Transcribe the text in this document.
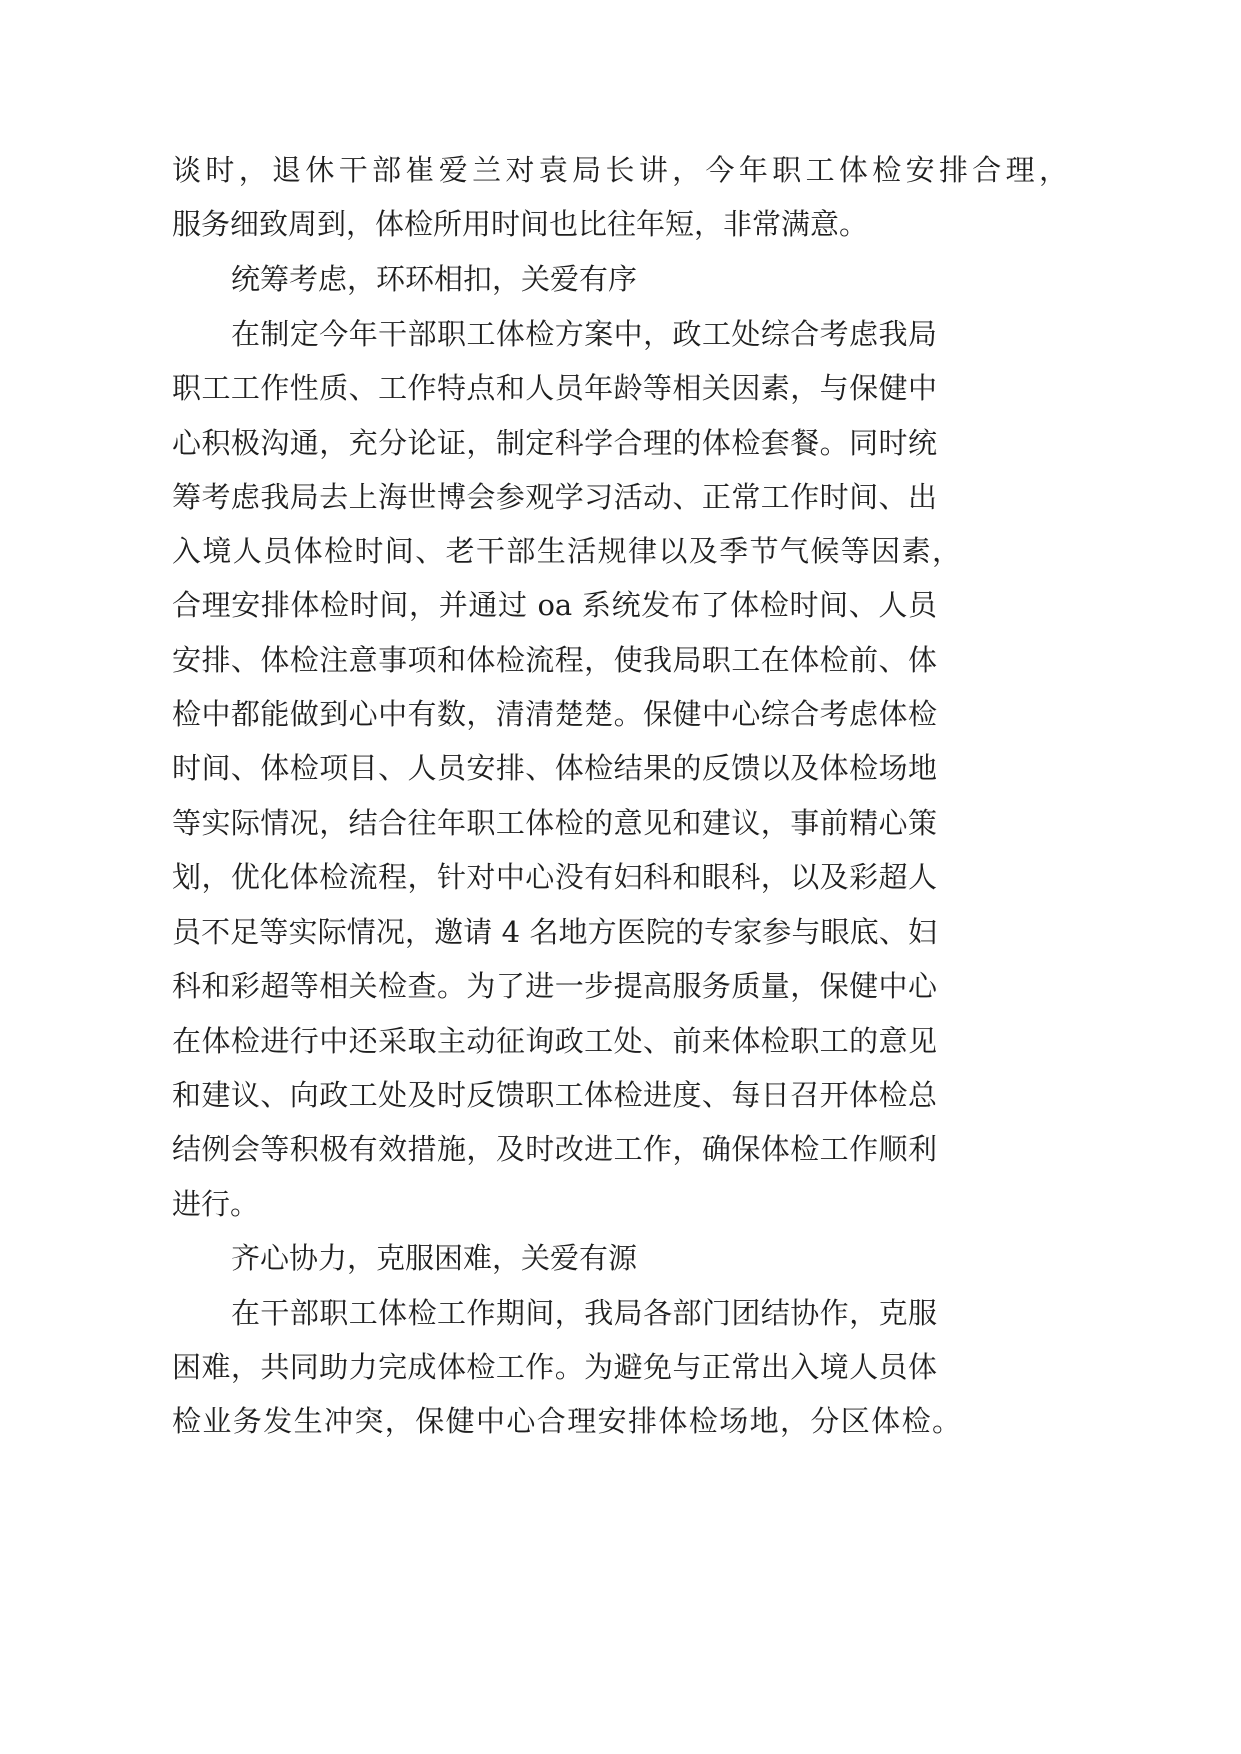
谈时，退休干部崔爱兰对袁局长讲，今年职工体检安排合理，

服务细致周到，体检所用时间也比往年短，非常满意。

统筹考虑，环环相扣，关爱有序

在制定今年干部职工体检方案中，政工处综合考虑我局

职工工作性质、工作特点和人员年龄等相关因素，与保健中

心积极沟通，充分论证，制定科学合理的体检套餐。同时统

筹考虑我局去上海世博会参观学习活动、正常工作时间、出

入境人员体检时间、老干部生活规律以及季节气候等因素，

合理安排体检时间，并通过 oa 系统发布了体检时间、人员

安排、体检注意事项和体检流程，使我局职工在体检前、体

检中都能做到心中有数，清清楚楚。保健中心综合考虑体检

时间、体检项目、人员安排、体检结果的反馈以及体检场地

等实际情况，结合往年职工体检的意见和建议，事前精心策

划，优化体检流程，针对中心没有妇科和眼科，以及彩超人

员不足等实际情况，邀请 4 名地方医院的专家参与眼底、妇

科和彩超等相关检查。为了进一步提高服务质量，保健中心

在体检进行中还采取主动征询政工处、前来体检职工的意见

和建议、向政工处及时反馈职工体检进度、每日召开体检总

结例会等积极有效措施，及时改进工作，确保体检工作顺利

进行。

齐心协力，克服困难，关爱有源

在干部职工体检工作期间，我局各部门团结协作，克服

困难，共同助力完成体检工作。为避免与正常出入境人员体

检业务发生冲突，保健中心合理安排体检场地，分区体检。
